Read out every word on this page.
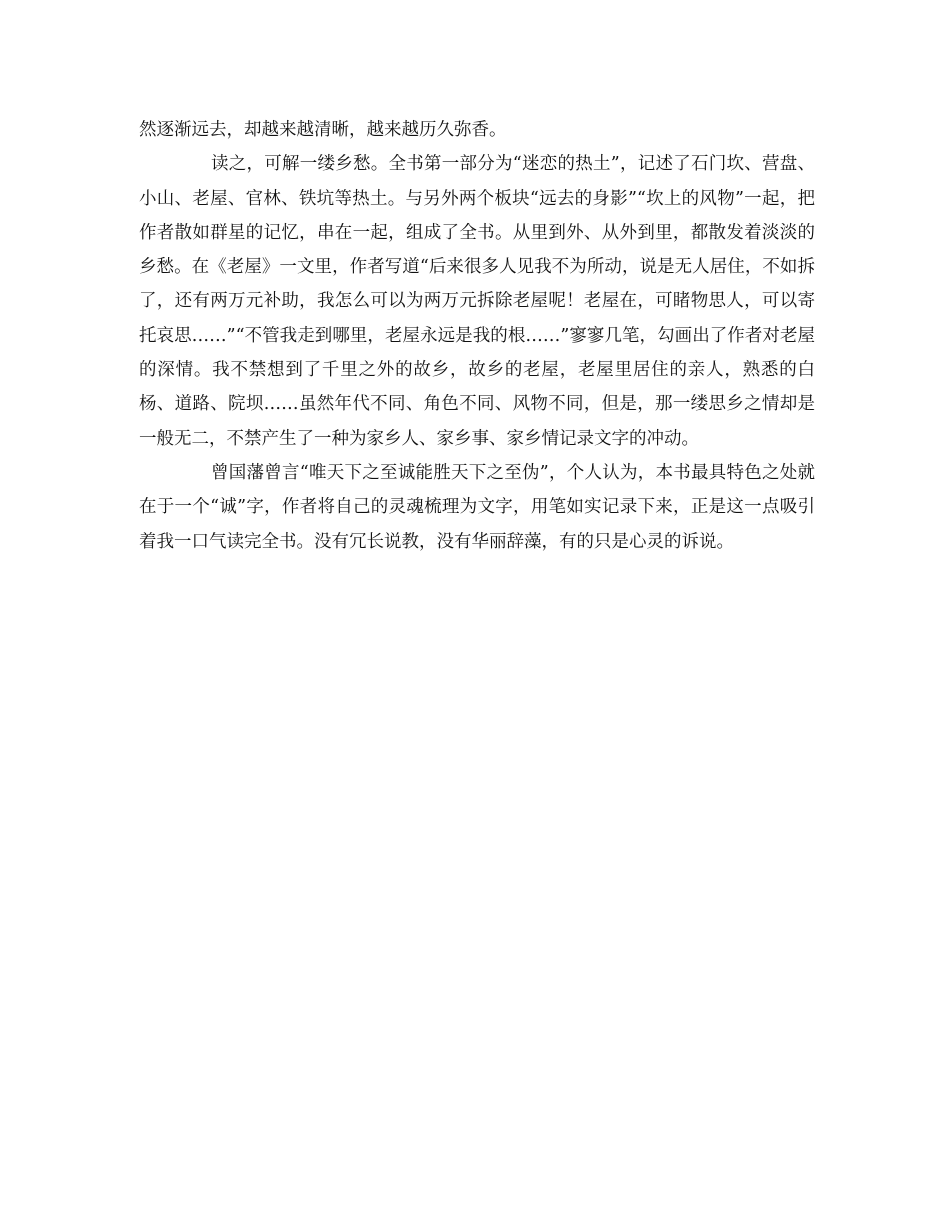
然逐渐远去，却越来越清晰，越来越历久弥香。

读之，可解一缕乡愁。全书第一部分为“迷恋的热土”，记述了石门坎、营盘、小山、老屋、官林、铁坑等热土。与另外两个板块“远去的身影”“坎上的风物”一起，把作者散如群星的记忆，串在一起，组成了全书。从里到外、从外到里，都散发着淡淡的乡愁。在《老屋》一文里，作者写道“后来很多人见我不为所动，说是无人居住，不如拆了，还有两万元补助，我怎么可以为两万元拆除老屋呢！老屋在，可睹物思人，可以寄托哀思……”“不管我走到哪里，老屋永远是我的根……”寥寥几笔，勾画出了作者对老屋的深情。我不禁想到了千里之外的故乡，故乡的老屋，老屋里居住的亲人，熟悉的白杨、道路、院坝……虽然年代不同、角色不同、风物不同，但是，那一缕思乡之情却是一般无二，不禁产生了一种为家乡人、家乡事、家乡情记录文字的冲动。

曾国藩曾言“唯天下之至诚能胜天下之至伪”，个人认为，本书最具特色之处就在于一个“诚”字，作者将自己的灵魂梳理为文字，用笔如实记录下来，正是这一点吸引着我一口气读完全书。没有冗长说教，没有华丽辞藻，有的只是心灵的诉说。
